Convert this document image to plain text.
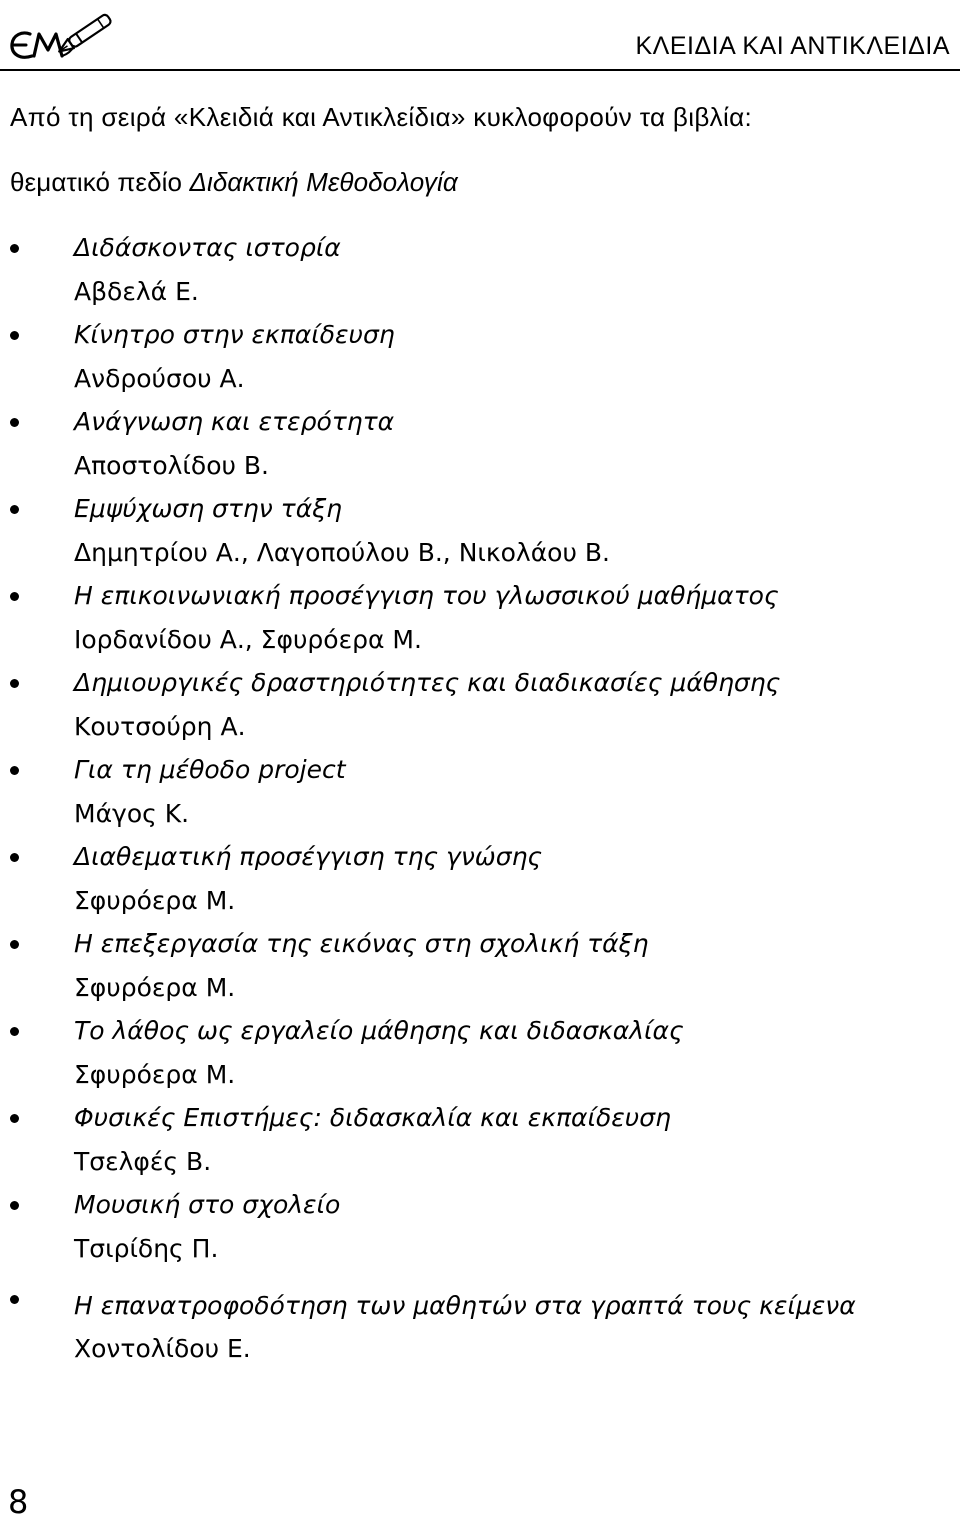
ΚΛΕΙΔΙΑ ΚΑΙ ΑΝΤΙΚΛΕΙΔΙΑ
Από τη σειρά «Κλειδιά και Αντικλείδια» κυκλοφορούν τα βιβλία:
θεματικό πεδίο Διδακτική Μεθοδολογία
Διδάσκοντας ιστορία
Αβδελά Ε.
Κίνητρο στην εκπαίδευση
Ανδρούσου Α.
Ανάγνωση και ετερότητα
Αποστολίδου Β.
Εμψύχωση στην τάξη
Δημητρίου Α., Λαγοπούλου Β., Νικολάου Β.
Η επικοινωνιακή προσέγγιση του γλωσσικού μαθήματος
Ιορδανίδου Α., Σφυρόερα Μ.
Δημιουργικές δραστηριότητες και διαδικασίες μάθησης
Κουτσούρη Α.
Για τη μέθοδο project
Μάγος Κ.
Διαθεματική προσέγγιση της γνώσης
Σφυρόερα Μ.
Η επεξεργασία της εικόνας στη σχολική τάξη
Σφυρόερα Μ.
Το λάθος ως εργαλείο μάθησης και διδασκαλίας
Σφυρόερα Μ.
Φυσικές Επιστήμες: διδασκαλία και εκπαίδευση
Τσελφές Β.
Μουσική στο σχολείο
Τσιρίδης Π.
Η επανατροφοδότηση των μαθητών στα γραπτά τους κείμενα
Χοντολίδου Ε.
8
